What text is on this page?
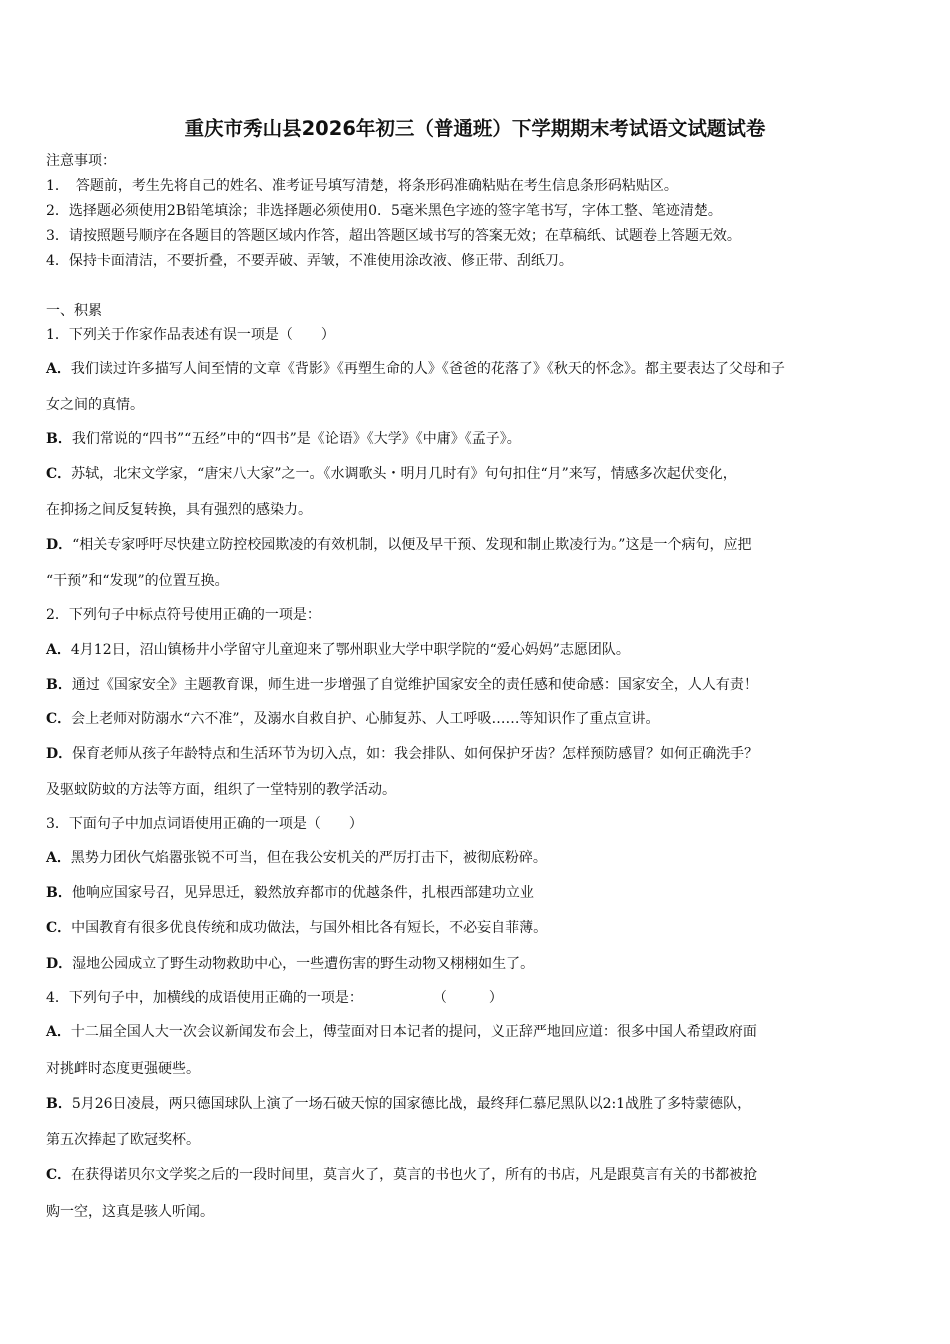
重庆市秀山县2026年初三（普通班）下学期期末考试语文试题试卷
注意事项：
1．　答题前，考生先将自己的姓名、准考证号填写清楚，将条形码准确粘贴在考生信息条形码粘贴区。
2．选择题必须使用2B铅笔填涂；非选择题必须使用0．5毫米黑色字迹的签字笔书写，字体工整、笔迹清楚。
3．请按照题号顺序在各题目的答题区域内作答，超出答题区域书写的答案无效；在草稿纸、试题卷上答题无效。
4．保持卡面清洁，不要折叠，不要弄破、弄皱，不准使用涂改液、修正带、刮纸刀。
一、积累
1．下列关于作家作品表述有误一项是（　　）
A．我们读过许多描写人间至情的文章《背影》《再塑生命的人》《爸爸的花落了》《秋天的怀念》。都主要表达了父母和子
女之间的真情。
B．我们常说的“四书”“五经”中的“四书”是《论语》《大学》《中庸》《孟子》。
C．苏轼，北宋文学家，“唐宋八大家”之一。《水调歌头・明月几时有》句句扣住“月”来写，情感多次起伏变化，
在抑扬之间反复转换，具有强烈的感染力。
D．“相关专家呼吁尽快建立防控校园欺凌的有效机制，以便及早干预、发现和制止欺凌行为。”这是一个病句，应把
“干预”和“发现”的位置互换。
2．下列句子中标点符号使用正确的一项是：
A．4月12日，沼山镇杨井小学留守儿童迎来了鄂州职业大学中职学院的“爱心妈妈”志愿团队。
B．通过《国家安全》主题教育课，师生进一步增强了自觉维护国家安全的责任感和使命感：国家安全，人人有责！
C．会上老师对防溺水“六不准”，及溺水自救自护、心肺复苏、人工呼吸……等知识作了重点宣讲。
D．保育老师从孩子年龄特点和生活环节为切入点，如：我会排队、如何保护牙齿？怎样预防感冒？如何正确洗手？
及驱蚊防蚊的方法等方面，组织了一堂特别的教学活动。
3．下面句子中加点词语使用正确的一项是（　　）
A．黑势力团伙气焰嚣张锐不可当，但在我公安机关的严厉打击下，被彻底粉碎。
B．他响应国家号召，见异思迁，毅然放弃都市的优越条件，扎根西部建功立业
C．中国教育有很多优良传统和成功做法，与国外相比各有短长，不必妄自菲薄。
D．湿地公园成立了野生动物救助中心，一些遭伤害的野生动物又栩栩如生了。
4．下列句子中，加横线的成语使用正确的一项是：　　　　　　（　　　）
A．十二届全国人大一次会议新闻发布会上，傅莹面对日本记者的提问，义正辞严地回应道：很多中国人希望政府面
对挑衅时态度更强硬些。
B．5月26日凌晨，两只德国球队上演了一场石破天惊的国家德比战，最终拜仁慕尼黑队以2:1战胜了多特蒙德队，
第五次捧起了欧冠奖杯。
C．在获得诺贝尔文学奖之后的一段时间里，莫言火了，莫言的书也火了，所有的书店，凡是跟莫言有关的书都被抢
购一空，这真是骇人听闻。
